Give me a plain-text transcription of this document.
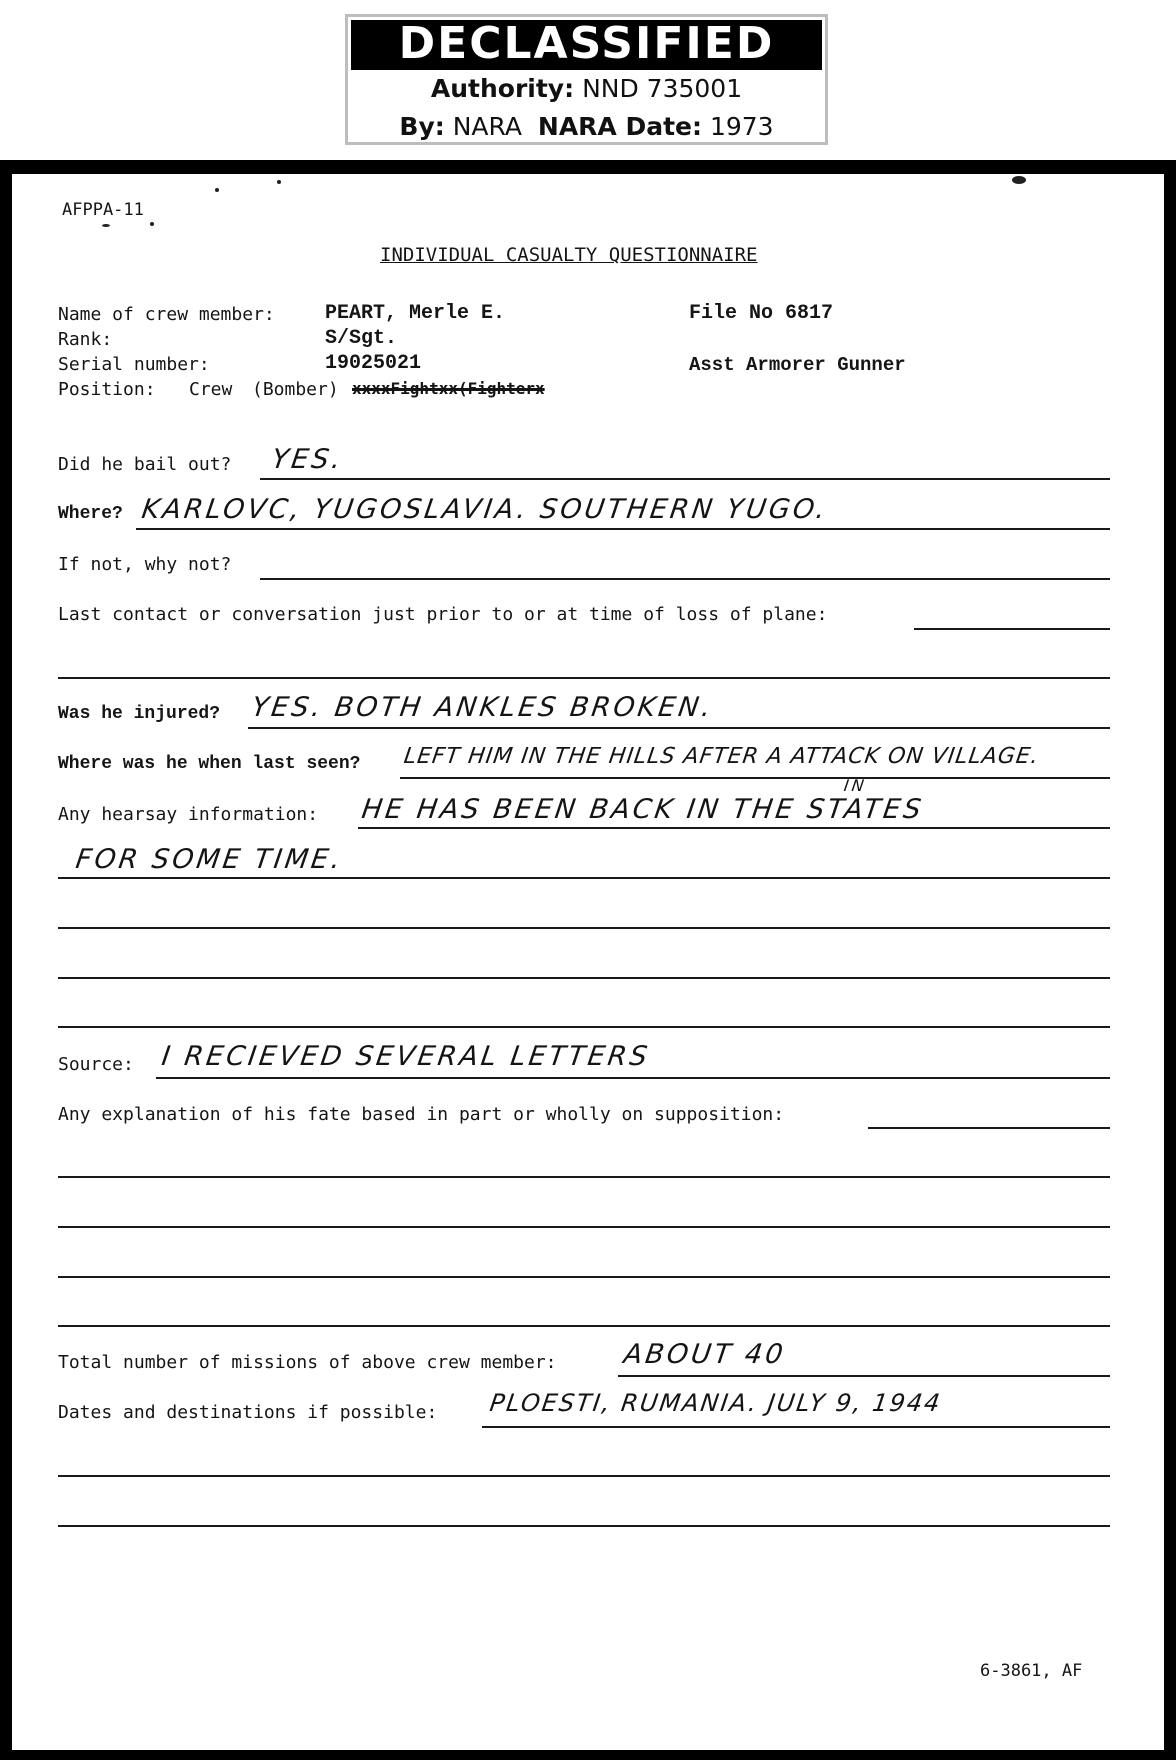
DECLASSIFIED
Authority: NND 735001
By: NARA NARA Date: 1973
AFPPA-11
INDIVIDUAL CASUALTY QUESTIONNAIRE
Name of crew member:	PEART, Merle E.	File No 6817
Rank:	S/Sgt.
Serial number:	19025021	Asst Armorer Gunner
Position: Crew (Bomber) xxxxFightxx(Fighterx
Did he bail out? YES.
Where? KARLOVC, YUGOSLAVIA. SOUTHERN YUGO.
If not, why not?
Last contact or conversation just prior to or at time of loss of plane:
Was he injured? YES. BOTH ANKLES BROKEN.
Where was he when last seen? LEFT HIM IN THE HILLS AFTER A ATTACK ON VILLAGE.
Any hearsay information:
IN
HE HAS BEEN BACK IN THE STATES
FOR SOME TIME.
Source: I RECIEVED SEVERAL LETTERS
Any explanation of his fate based in part or wholly on supposition:
Total number of missions of above crew member: ABOUT 40
Dates and destinations if possible: PLOESTI, RUMANIA. JULY 9, 1944
6-3861, AF
